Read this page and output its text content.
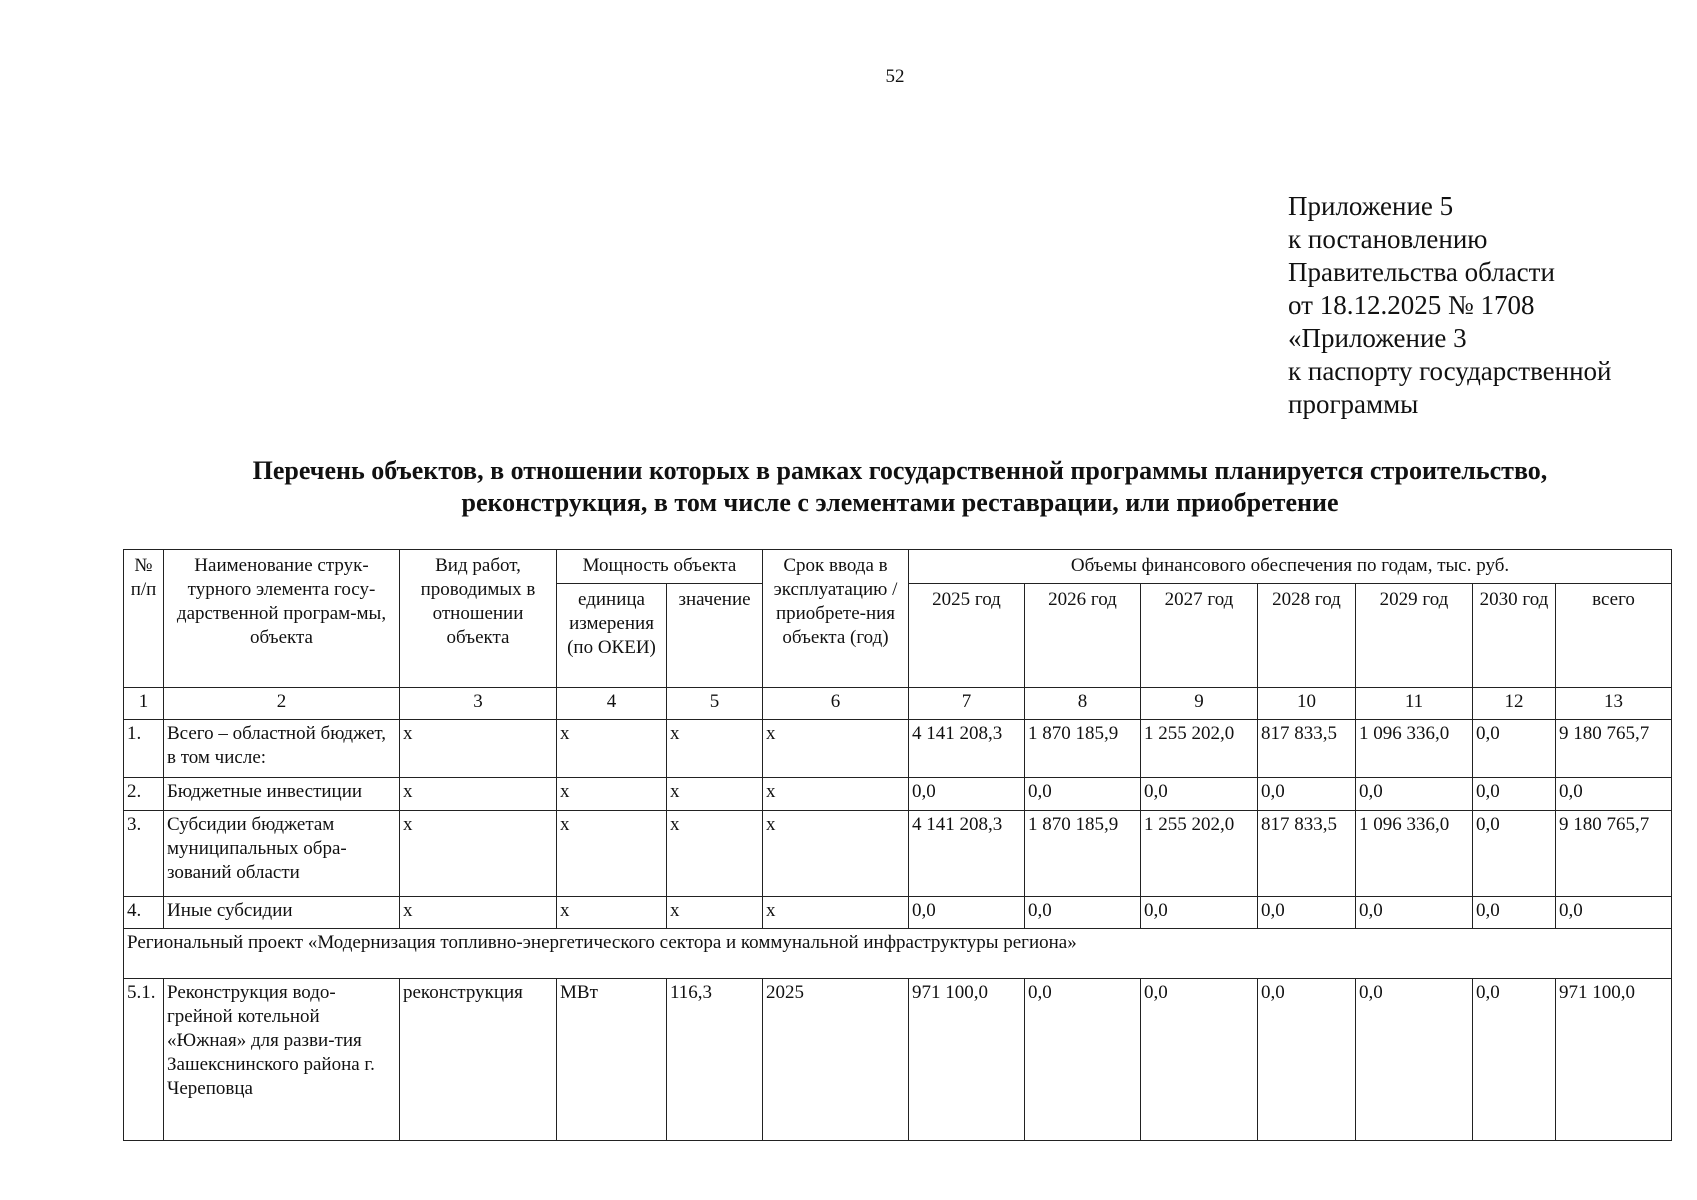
52
Приложение 5
к постановлению
Правительства области
от 18.12.2025 № 1708
«Приложение 3
к паспорту государственной
программы
Перечень объектов, в отношении которых в рамках государственной программы планируется строительство,
реконструкция, в том числе с элементами реставрации, или приобретение
№ п/п	Наименование струк-турного элемента госу-дарственной програм-мы, объекта	Вид работ, проводимых в отношении объекта	Мощность объекта		Срок ввода в эксплуатацию / приобрете-ния объекта (год)	Объемы финансового обеспечения по годам, тыс. руб.						
			единица измерения (по ОКЕИ)	значение		2025 год	2026 год	2027 год	2028 год	2029 год	2030 год	всего
1	2	3	4	5	6	7	8	9	10	11	12	13
1.	Всего – областной бюджет, в том числе:	х	х	х	х	4 141 208,3	1 870 185,9	1 255 202,0	817 833,5	1 096 336,0	0,0	9 180 765,7
2.	Бюджетные инвестиции	х	х	х	х	0,0	0,0	0,0	0,0	0,0	0,0	0,0
3.	Субсидии бюджетам муниципальных обра-зований области	х	х	х	х	4 141 208,3	1 870 185,9	1 255 202,0	817 833,5	1 096 336,0	0,0	9 180 765,7
4.	Иные субсидии	х	х	х	х	0,0	0,0	0,0	0,0	0,0	0,0	0,0
Региональный проект «Модернизация топливно-энергетического сектора и коммунальной инфраструктуры региона»												
5.1.	Реконструкция водо-грейной котельной «Южная» для разви-тия Зашекснинского района г. Череповца	реконструкция	МВт	116,3	2025	971 100,0	0,0	0,0	0,0	0,0	0,0	971 100,0
